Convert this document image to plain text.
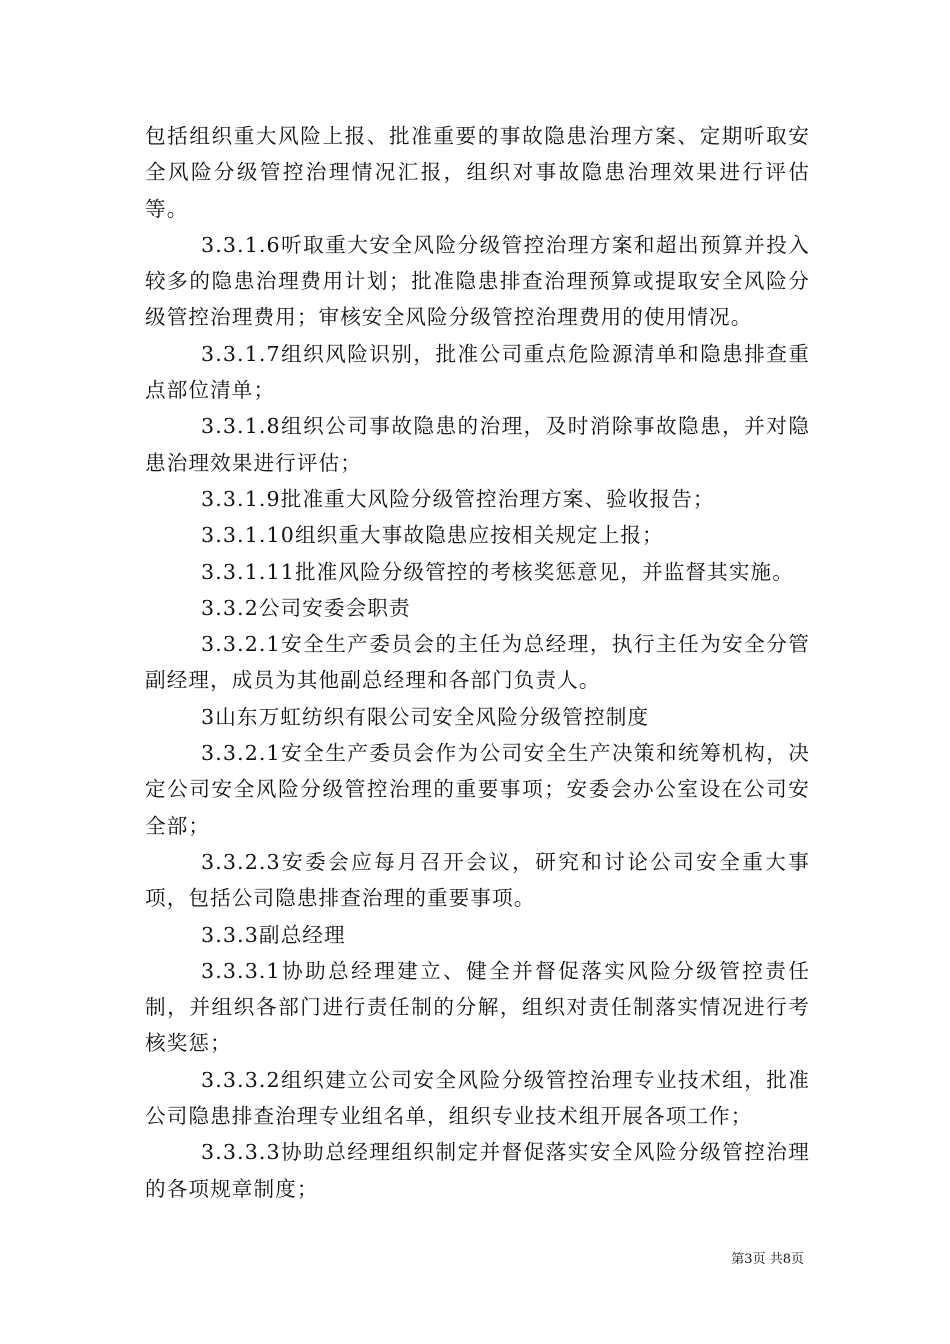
包括组织重大风险上报、批准重要的事故隐患治理方案、定期听取安全风险分级管控治理情况汇报，组织对事故隐患治理效果进行评估等。

3.3.1.6听取重大安全风险分级管控治理方案和超出预算并投入较多的隐患治理费用计划；批准隐患排查治理预算或提取安全风险分级管控治理费用；审核安全风险分级管控治理费用的使用情况。

3.3.1.7组织风险识别，批准公司重点危险源清单和隐患排查重点部位清单；

3.3.1.8组织公司事故隐患的治理，及时消除事故隐患，并对隐患治理效果进行评估；

3.3.1.9批准重大风险分级管控治理方案、验收报告；

3.3.1.10组织重大事故隐患应按相关规定上报；

3.3.1.11批准风险分级管控的考核奖惩意见，并监督其实施。

3.3.2公司安委会职责

3.3.2.1安全生产委员会的主任为总经理，执行主任为安全分管副经理，成员为其他副总经理和各部门负责人。

3山东万虹纺织有限公司安全风险分级管控制度

3.3.2.1安全生产委员会作为公司安全生产决策和统筹机构，决定公司安全风险分级管控治理的重要事项；安委会办公室设在公司安全部；

3.3.2.3安委会应每月召开会议，研究和讨论公司安全重大事项，包括公司隐患排查治理的重要事项。

3.3.3副总经理

3.3.3.1协助总经理建立、健全并督促落实风险分级管控责任制，并组织各部门进行责任制的分解，组织对责任制落实情况进行考核奖惩；

3.3.3.2组织建立公司安全风险分级管控治理专业技术组，批准公司隐患排查治理专业组名单，组织专业技术组开展各项工作；

3.3.3.3协助总经理组织制定并督促落实安全风险分级管控治理的各项规章制度；

第3页 共8页
